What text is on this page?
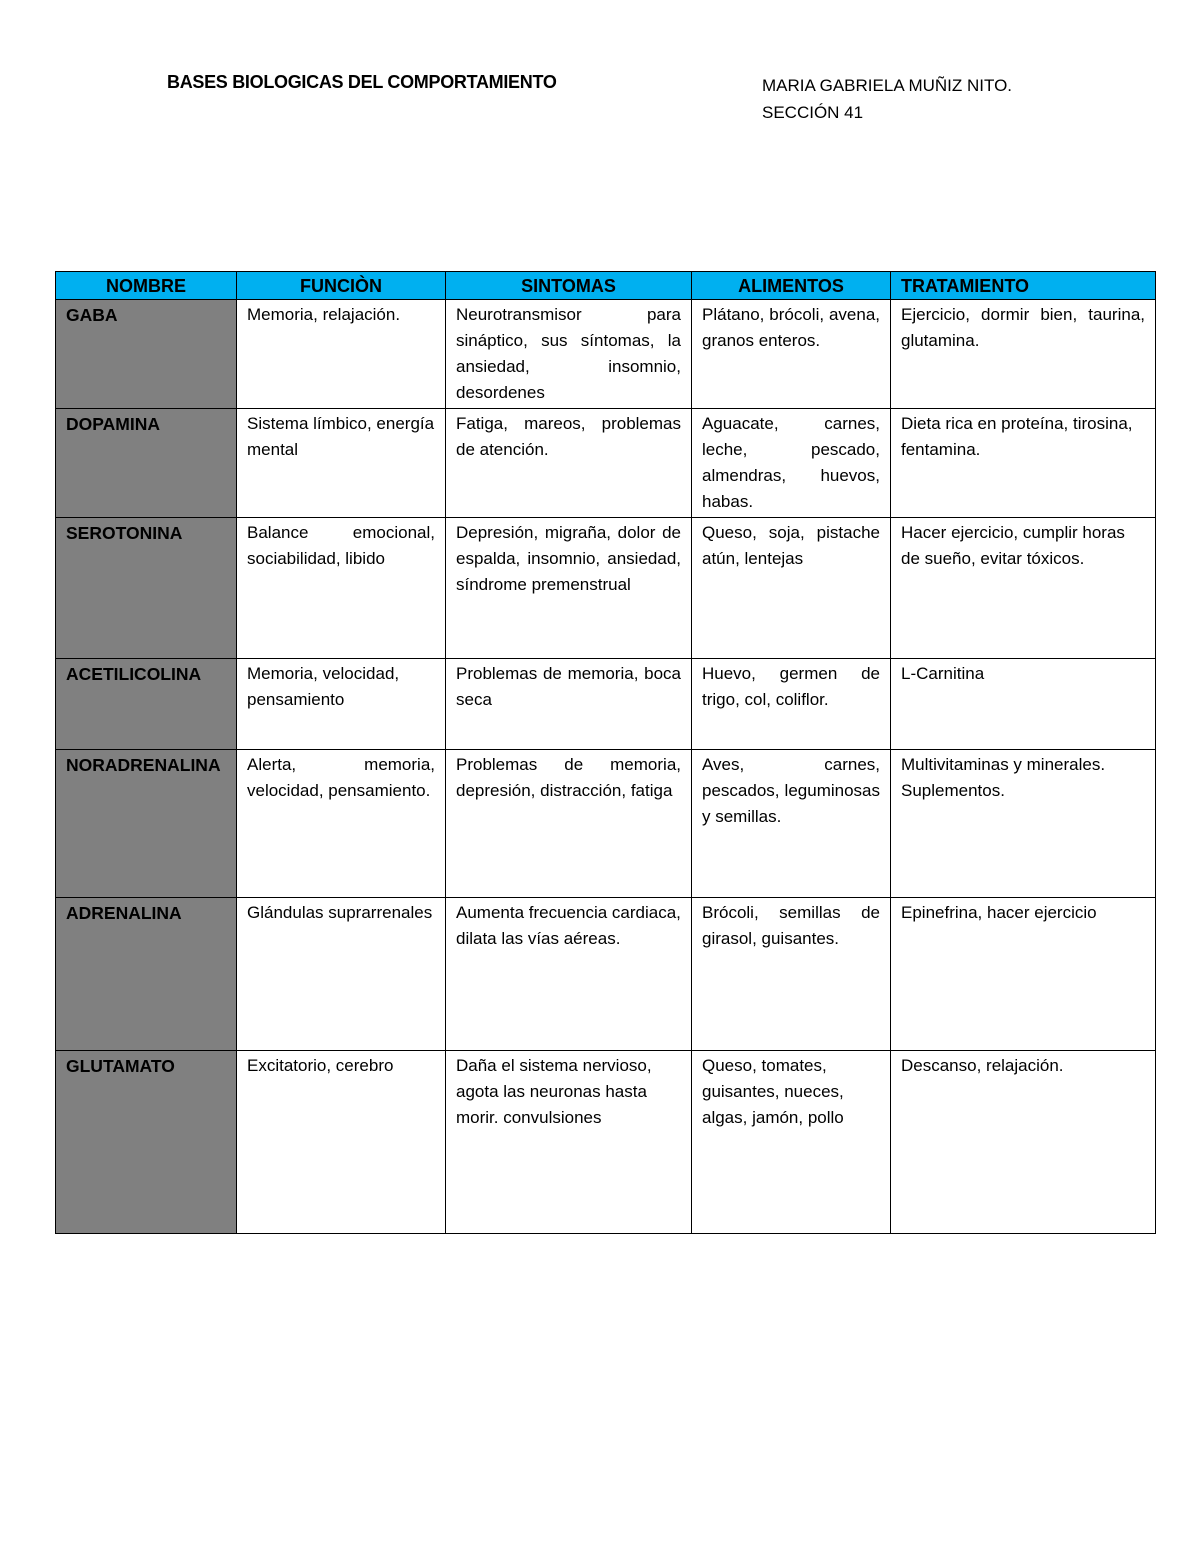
BASES BIOLOGICAS DEL COMPORTAMIENTO	MARIA GABRIELA MUÑIZ NITO.
SECCIÓN 41
NOMBRE	FUNCIÒN	SINTOMAS	ALIMENTOS	TRATAMIENTO
GABA	Memoria, relajación.	Neurotransmisor para sináptico, sus síntomas, la ansiedad, insomnio, desordenes	Plátano, brócoli, avena, granos enteros.	Ejercicio, dormir bien, taurina, glutamina.
DOPAMINA	Sistema límbico, energía mental	Fatiga, mareos, problemas de atención.	Aguacate, carnes, leche, pescado, almendras, huevos, habas.	Dieta rica en proteína, tirosina, fentamina.
SEROTONINA	Balance emocional, sociabilidad, libido	Depresión, migraña, dolor de espalda, insomnio, ansiedad, síndrome premenstrual	Queso, soja, pistache atún, lentejas	Hacer ejercicio, cumplir horas de sueño, evitar tóxicos.
ACETILICOLINA	Memoria, velocidad, pensamiento	Problemas de memoria, boca seca	Huevo, germen de trigo, col, coliflor.	L-Carnitina
NORADRENALINA	Alerta, memoria, velocidad, pensamiento.	Problemas de memoria, depresión, distracción, fatiga	Aves, carnes, pescados, leguminosas y semillas.	Multivitaminas y minerales. Suplementos.
ADRENALINA	Glándulas suprarrenales	Aumenta frecuencia cardiaca, dilata las vías aéreas.	Brócoli, semillas de girasol, guisantes.	Epinefrina, hacer ejercicio
GLUTAMATO	Excitatorio, cerebro	Daña el sistema nervioso, agota las neuronas hasta morir. convulsiones	Queso, tomates, guisantes, nueces, algas, jamón, pollo	Descanso, relajación.
